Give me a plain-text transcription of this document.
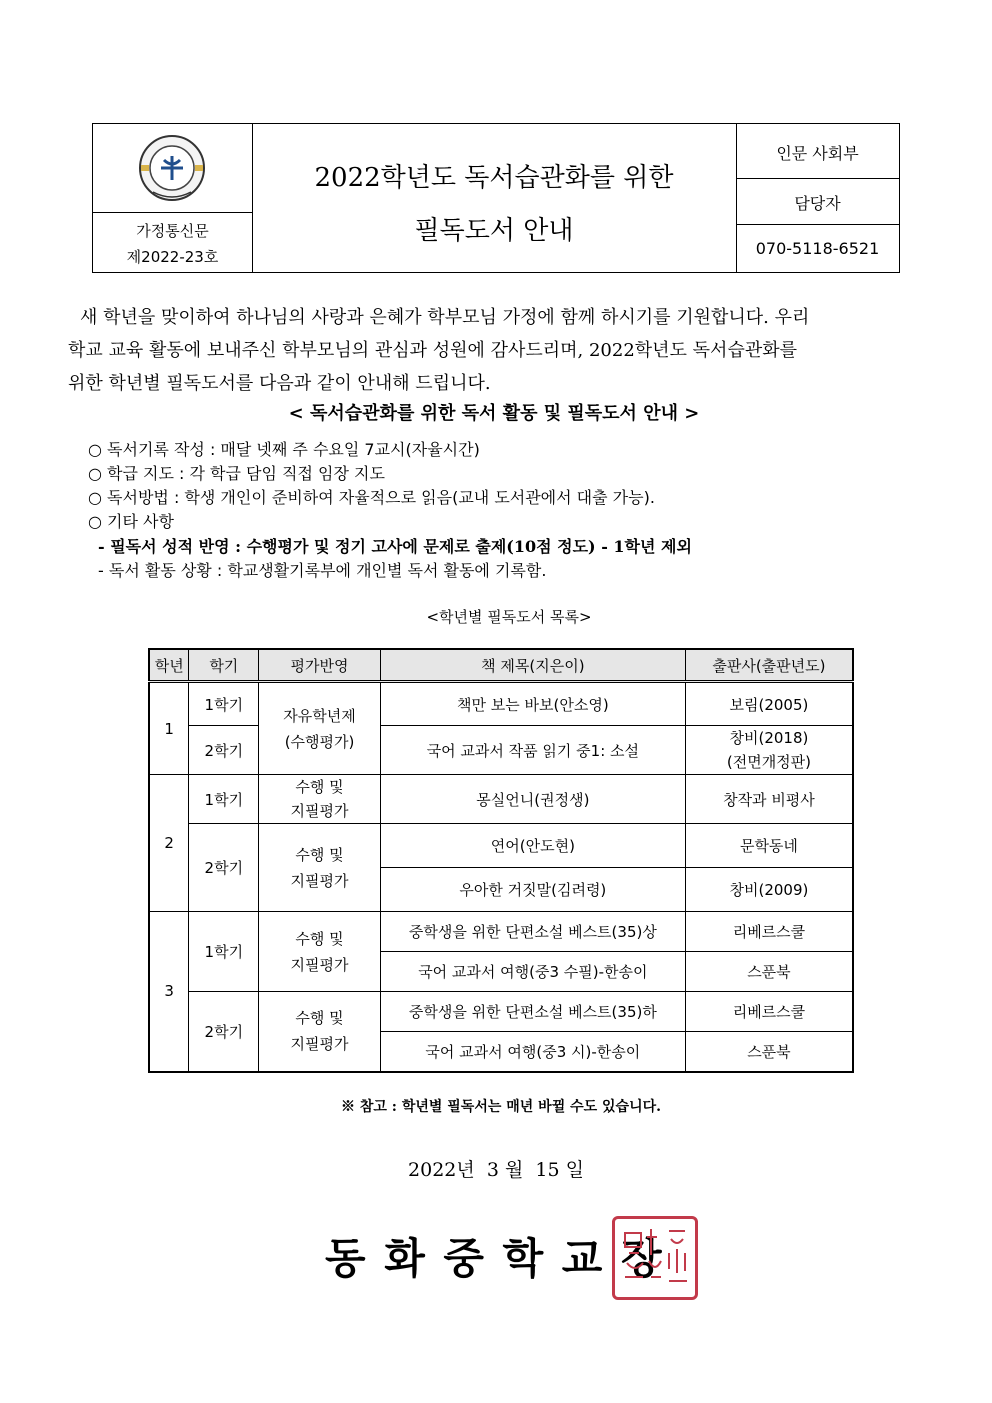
가정통신문
제2022-23호
2022학년도 독서습관화를 위한
필독도서 안내
인문 사회부
담당자
070-5118-6521
새 학년을 맞이하여 하나님의 사랑과 은혜가 학부모님 가정에 함께 하시기를 기원합니다. 우리
학교 교육 활동에 보내주신 학부모님의 관심과 성원에 감사드리며, 2022학년도 독서습관화를
위한 학년별 필독도서를 다음과 같이 안내해 드립니다.
< 독서습관화를 위한 독서 활동 및 필독도서 안내 >
○ 독서기록 작성 : 매달 넷째 주 수요일 7교시(자율시간)
○ 학급 지도 : 각 학급 담임 직접 임장 지도
○ 독서방법 : 학생 개인이 준비하여 자율적으로 읽음(교내 도서관에서 대출 가능).
○ 기타 사항
- 필독서 성적 반영 : 수행평가 및 정기 고사에 문제로 출제(10점 정도) - 1학년 제외
- 독서 활동 상황 : 학교생활기록부에 개인별 독서 활동에 기록함.
<학년별 필독도서 목록>
학년	학기	평가반영	책 제목(지은이)	출판사(출판년도)
1	1학기	자유학년제
(수행평가)	책만 보는 바보(안소영)	보림(2005)
	2학기		국어 교과서 작품 읽기 중1: 소설	창비(2018)
(전면개정판)

2	1학기	수행 및
지필평가	몽실언니(권정생)	창작과 비평사
	2학기	수행 및
지필평가	연어(안도현)	문학동네
			우아한 거짓말(김려령)	창비(2009)
3	1학기	수행 및
지필평가	중학생을 위한 단편소설 베스트(35)상	리베르스쿨
			국어 교과서 여행(중3 수필)-한송이	스푼북
	2학기	수행 및
지필평가	중학생을 위한 단편소설 베스트(35)하	리베르스쿨
			국어 교과서 여행(중3 시)-한송이	스푼북
※ 참고 : 학년별 필독서는 매년 바뀔 수도 있습니다.
2022년  3 월  15 일
동 화 중 학 교 장
